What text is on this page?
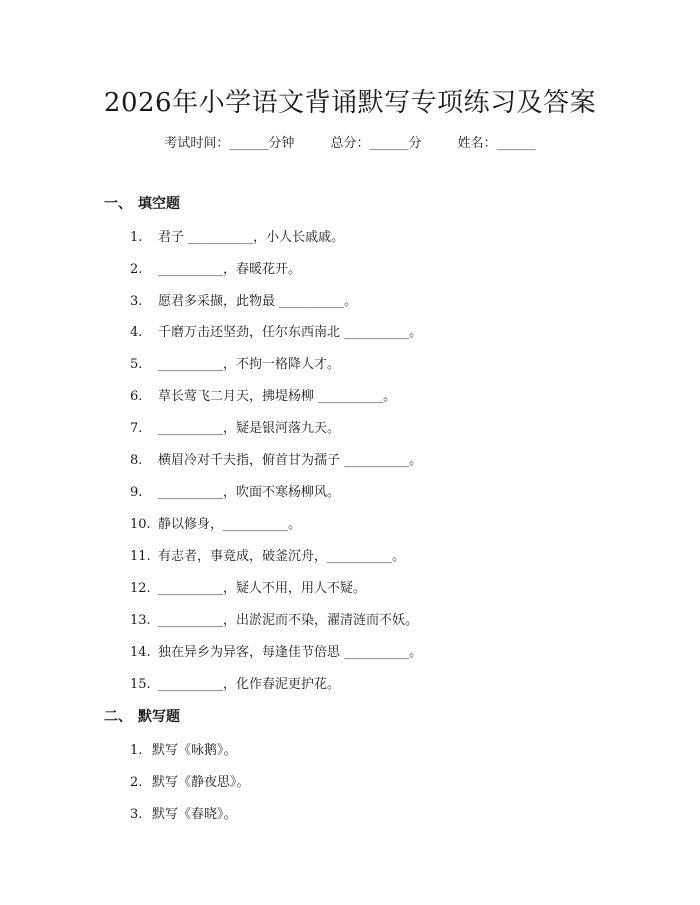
2026年小学语文背诵默写专项练习及答案
考试时间：______分钟	总分：______分	姓名：______
一、 填空题
1. 君子 __________，小人长戚戚。
2. __________，春暖花开。
3. 愿君多采撷，此物最 __________。
4. 千磨万击还坚劲，任尔东西南北 __________。
5. __________，不拘一格降人才。
6. 草长莺飞二月天，拂堤杨柳 __________。
7. __________，疑是银河落九天。
8. 横眉冷对千夫指，俯首甘为孺子 __________。
9. __________，吹面不寒杨柳风。
10. 静以修身，__________。
11. 有志者，事竟成，破釜沉舟，__________。
12. __________，疑人不用，用人不疑。
13. __________，出淤泥而不染，濯清涟而不妖。
14. 独在异乡为异客，每逢佳节倍思 __________。
15. __________，化作春泥更护花。
二、 默写题
1. 默写《咏鹅》。
2. 默写《静夜思》。
3. 默写《春晓》。
